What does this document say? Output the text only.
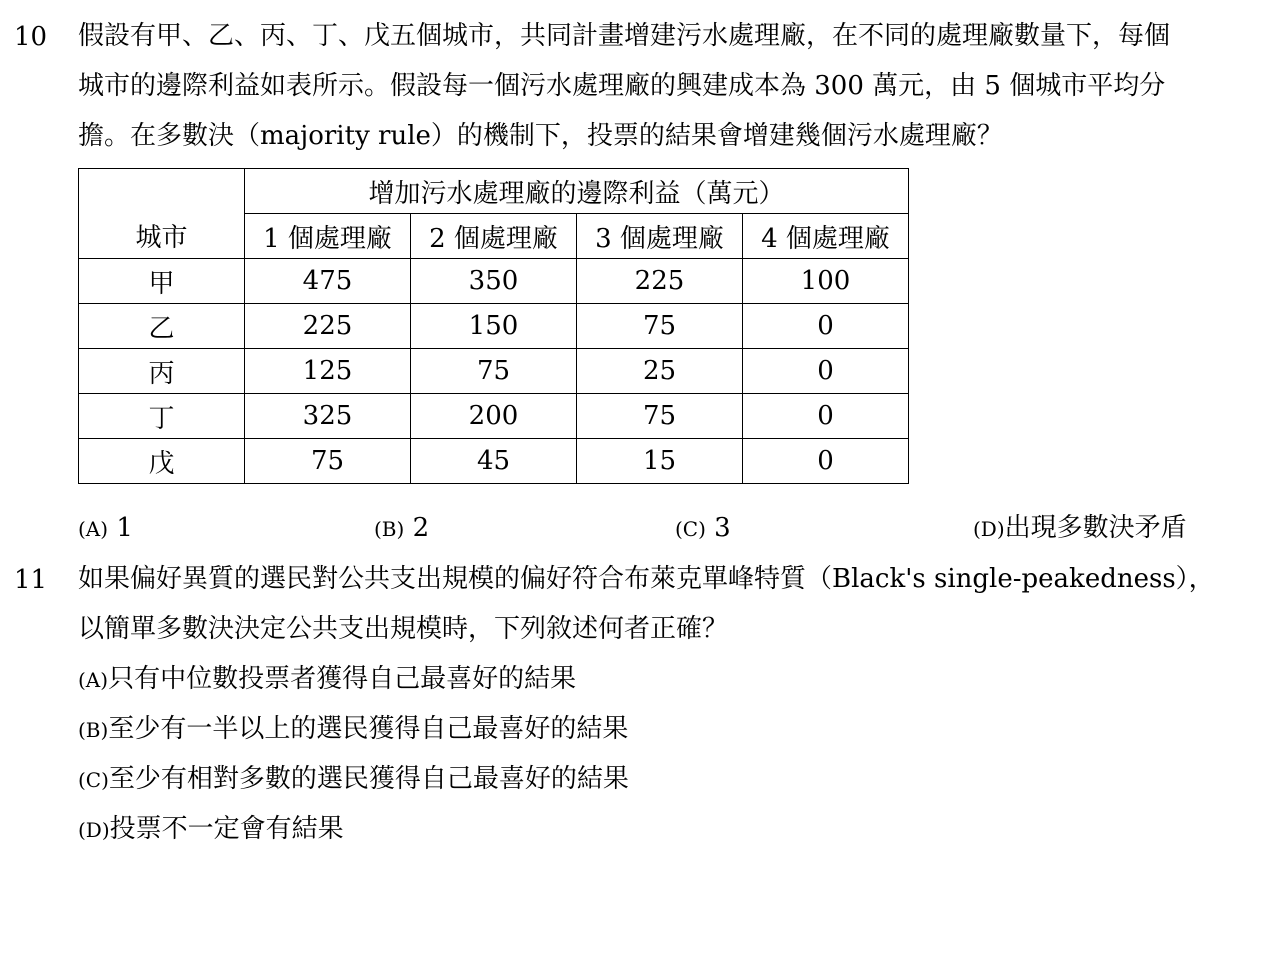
10 假設有甲、乙、丙、丁、戊五個城市，共同計畫增建污水處理廠，在不同的處理廠數量下，每個
城市的邊際利益如表所示。假設每一個污水處理廠的興建成本為 300 萬元，由 5 個城市平均分
擔。在多數決（majority rule）的機制下，投票的結果會增建幾個污水處理廠？
	增加污水處理廠的邊際利益（萬元）			
城市	1 個處理廠	2 個處理廠	3 個處理廠	4 個處理廠
甲	475	350	225	100
乙	225	150	75	0
丙	125	75	25	0
丁	325	200	75	0
戊	75	45	15	0
(A) 1	(B) 2	(C) 3	(D)出現多數決矛盾
11 如果偏好異質的選民對公共支出規模的偏好符合布萊克單峰特質（Black's single-peakedness），
以簡單多數決決定公共支出規模時，下列敘述何者正確？
(A)只有中位數投票者獲得自己最喜好的結果
(B)至少有一半以上的選民獲得自己最喜好的結果
(C)至少有相對多數的選民獲得自己最喜好的結果
(D)投票不一定會有結果
